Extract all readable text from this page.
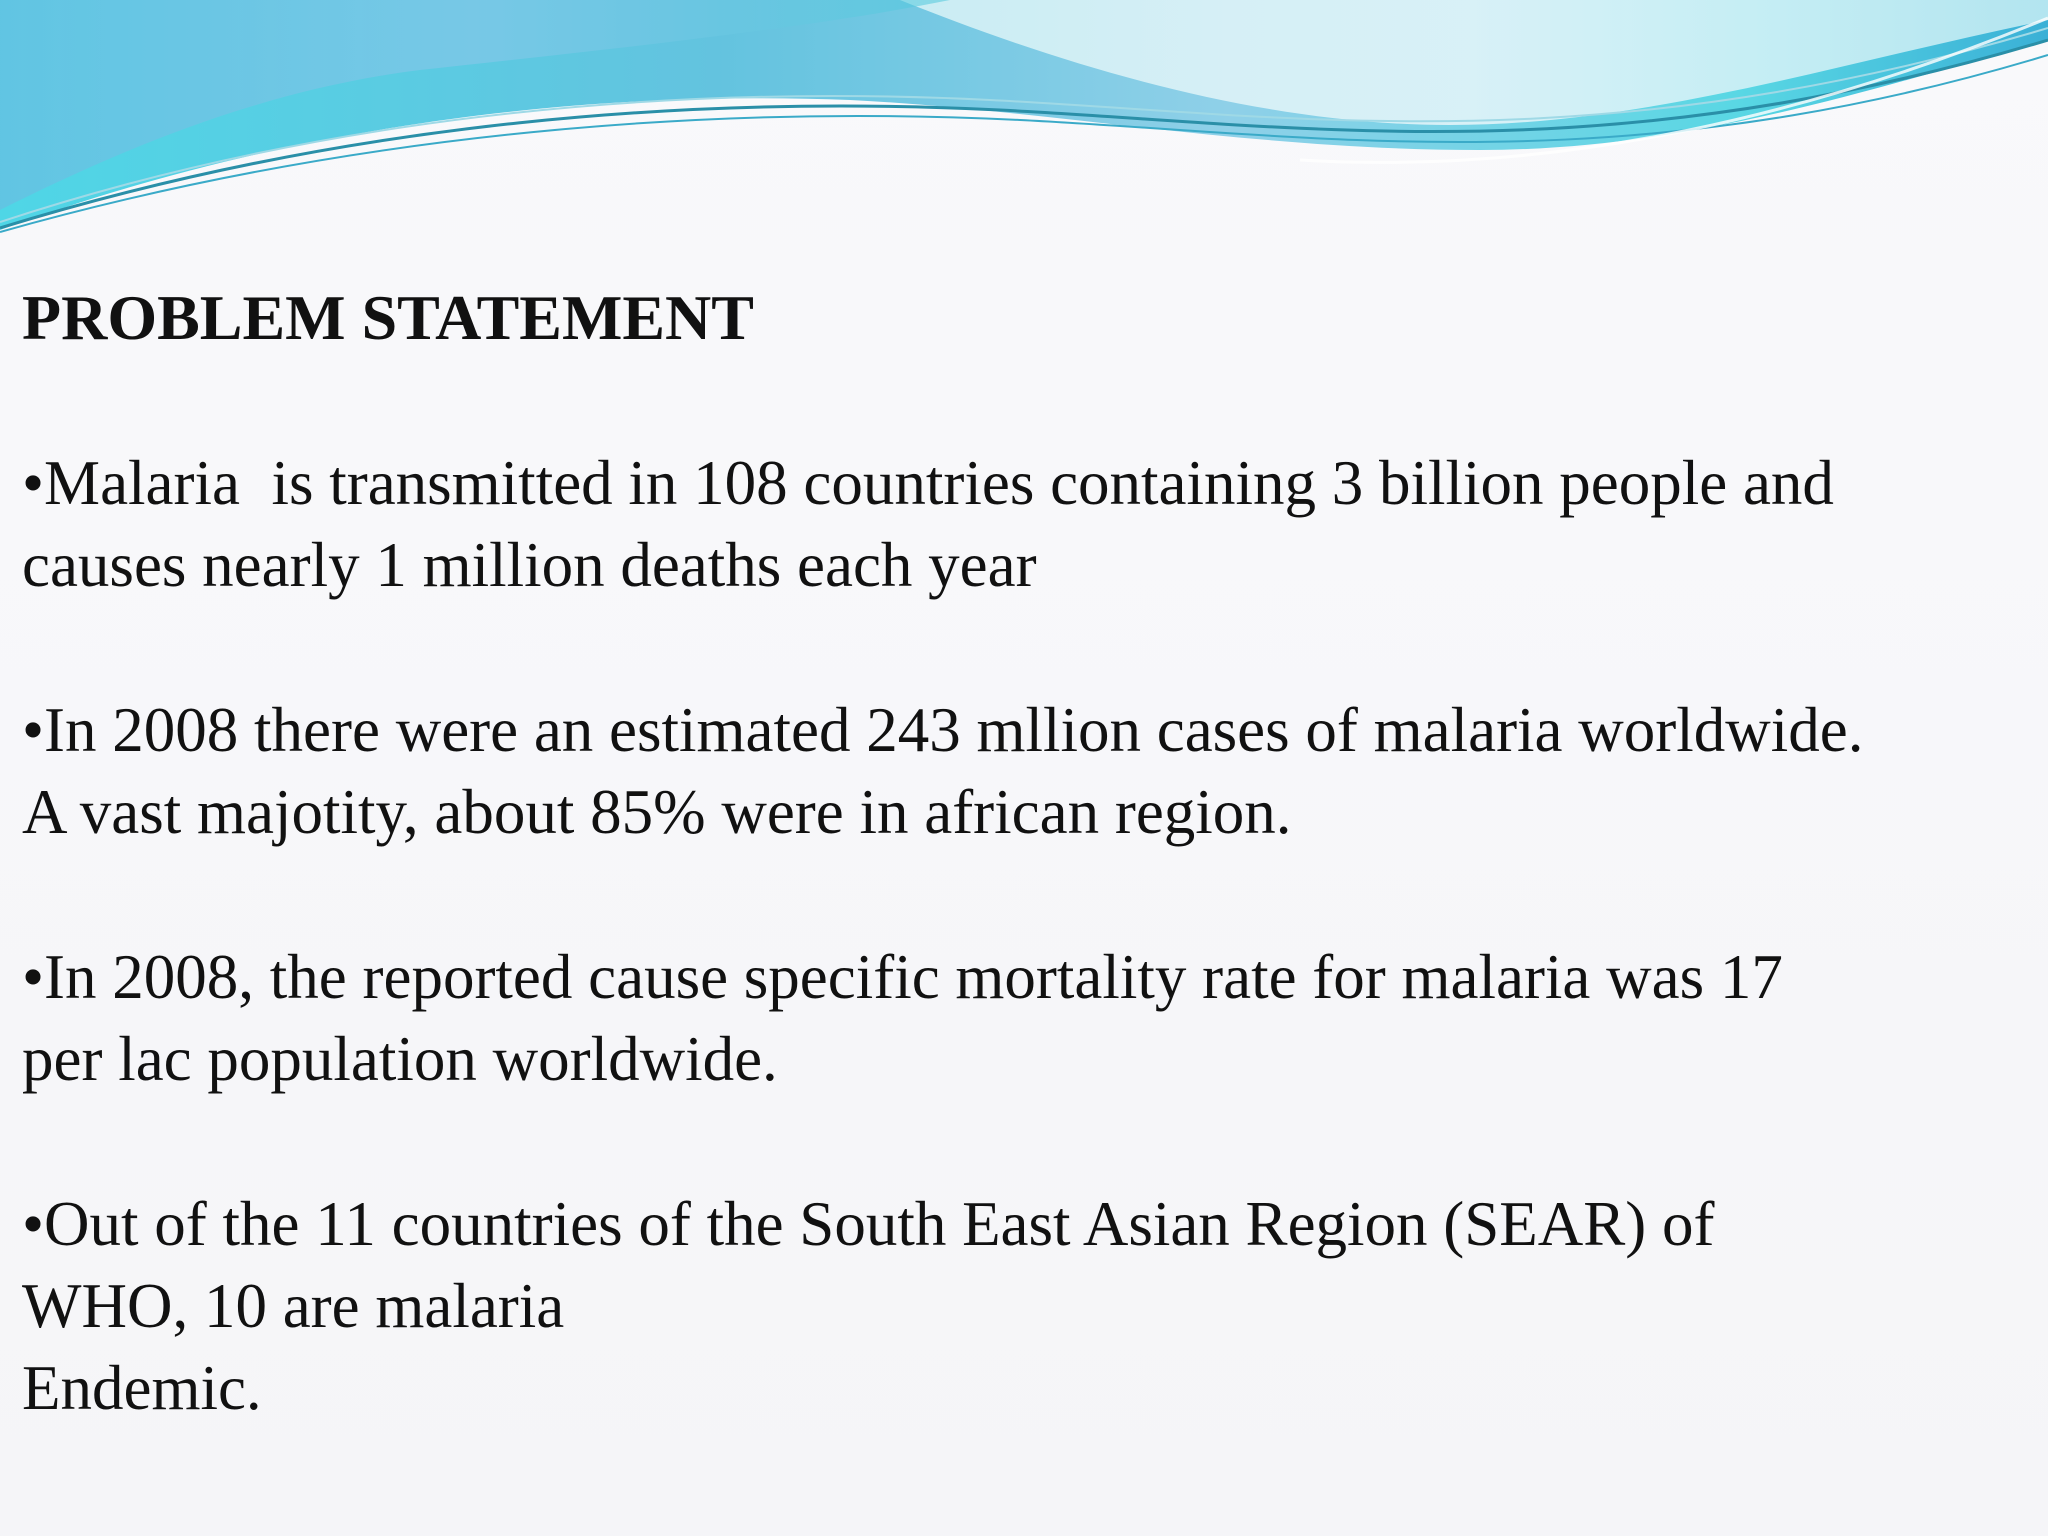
PROBLEM STATEMENT
•Malaria  is transmitted in 108 countries containing 3 billion people and
causes nearly 1 million deaths each year
•In 2008 there were an estimated 243 mllion cases of malaria worldwide.
A vast majotity, about 85% were in african region.
•In 2008, the reported cause specific mortality rate for malaria was 17
per lac population worldwide.
•Out of the 11 countries of the South East Asian Region (SEAR) of
WHO, 10 are malaria
Endemic.
